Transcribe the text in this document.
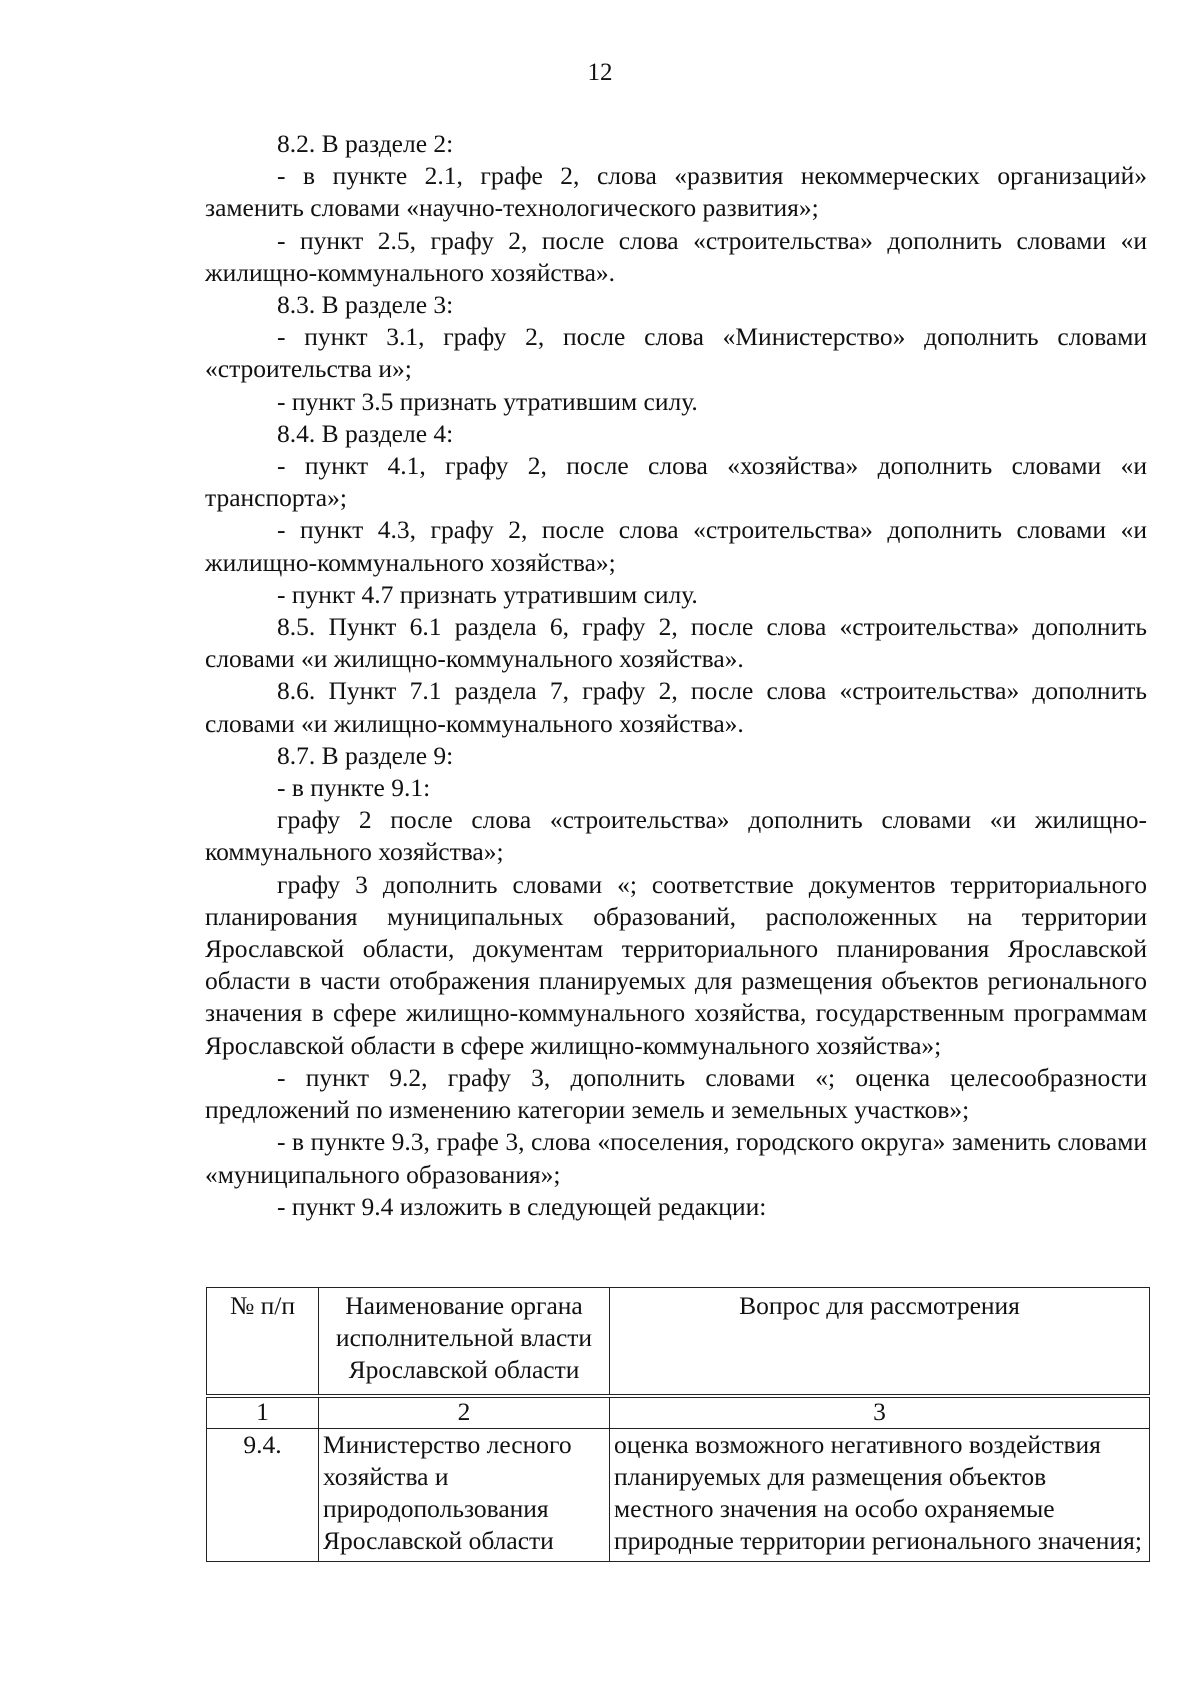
12

8.2. В разделе 2:

- в пункте 2.1, графе 2, слова «развития некоммерческих организаций» заменить словами «научно-технологического развития»;

- пункт 2.5, графу 2, после слова «строительства» дополнить словами «и жилищно-коммунального хозяйства».

8.3. В разделе 3:

- пункт 3.1, графу 2, после слова «Министерство» дополнить словами «строительства и»;

- пункт 3.5 признать утратившим силу.

8.4. В разделе 4:

- пункт 4.1, графу 2, после слова «хозяйства» дополнить словами «и транспорта»;

- пункт 4.3, графу 2, после слова «строительства» дополнить словами «и жилищно-коммунального хозяйства»;

- пункт 4.7 признать утратившим силу.

8.5. Пункт 6.1 раздела 6, графу 2, после слова «строительства» дополнить словами «и жилищно-коммунального хозяйства».

8.6. Пункт 7.1 раздела 7, графу 2, после слова «строительства» дополнить словами «и жилищно-коммунального хозяйства».

8.7. В разделе 9:

- в пункте 9.1:

графу 2 после слова «строительства» дополнить словами «и жилищно-коммунального хозяйства»;

графу 3 дополнить словами «; соответствие документов территориального планирования муниципальных образований, расположенных на территории Ярославской области, документам территориального планирования Ярославской области в части отображения планируемых для размещения объектов регионального значения в сфере жилищно-коммунального хозяйства, государственным программам Ярославской области в сфере жилищно-коммунального хозяйства»;

- пункт 9.2, графу 3, дополнить словами «; оценка целесообразности предложений по изменению категории земель и земельных участков»;

- в пункте 9.3, графе 3, слова «поселения, городского округа» заменить словами «муниципального образования»;

- пункт 9.4 изложить в следующей редакции:

№ п/п	Наименование органа исполнительной власти Ярославской области	Вопрос для рассмотрения
1	2	3
9.4.	Министерство лесного хозяйства и природопользования Ярославской области	оценка возможного негативного воздействия планируемых для размещения объектов местного значения на особо охраняемые природные территории регионального значения;
